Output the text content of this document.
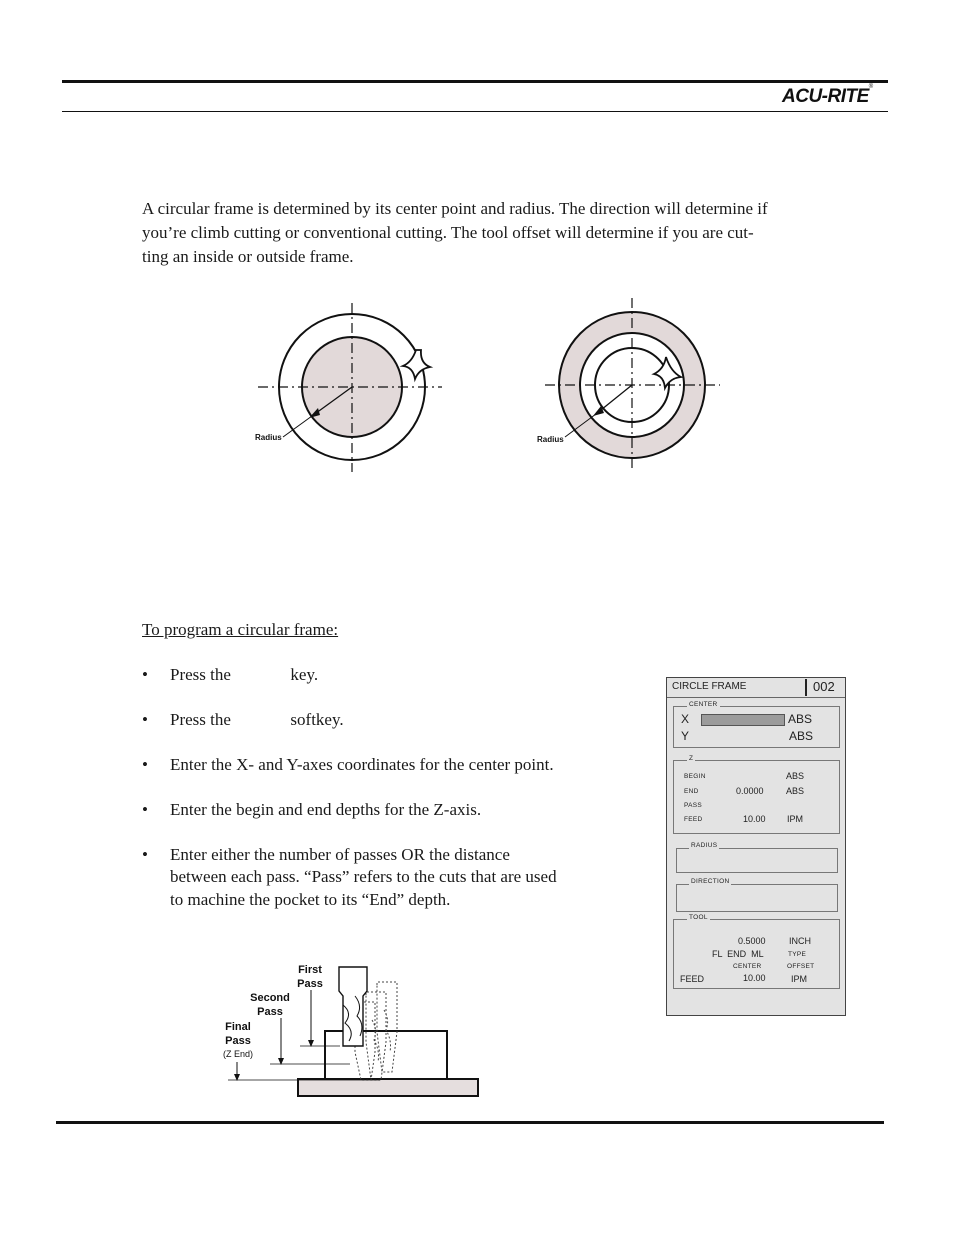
ACU-RITE®
A circular frame is determined by its center point and radius. The direction will determine if
you’re climb cutting or conventional cutting. The tool offset will determine if you are cut-
ting an inside or outside frame.
Radius	Radius
To program a circular frame:
• Press the              key.
• Press the              softkey.
• Enter the X- and Y-axes coordinates for the center point.
• Enter the begin and end depths for the Z-axis.
• Enter either the number of passes OR the distance
between each pass. “Pass” refers to the cuts that are used
to machine the pocket to its “End” depth.
CIRCLE FRAME	002
CENTER
X	ABS
Y	ABS
Z
BEGIN	ABS
END	0.0000 ABS
PASS
FEED	10.00 IPM
RADIUS
DIRECTION
TOOL
0.5000	INCH
FL  END  ML	TYPE
CENTER	OFFSET
FEED	10.00	IPM
First
Pass
Second
Pass
Final
Pass
(Z End)
